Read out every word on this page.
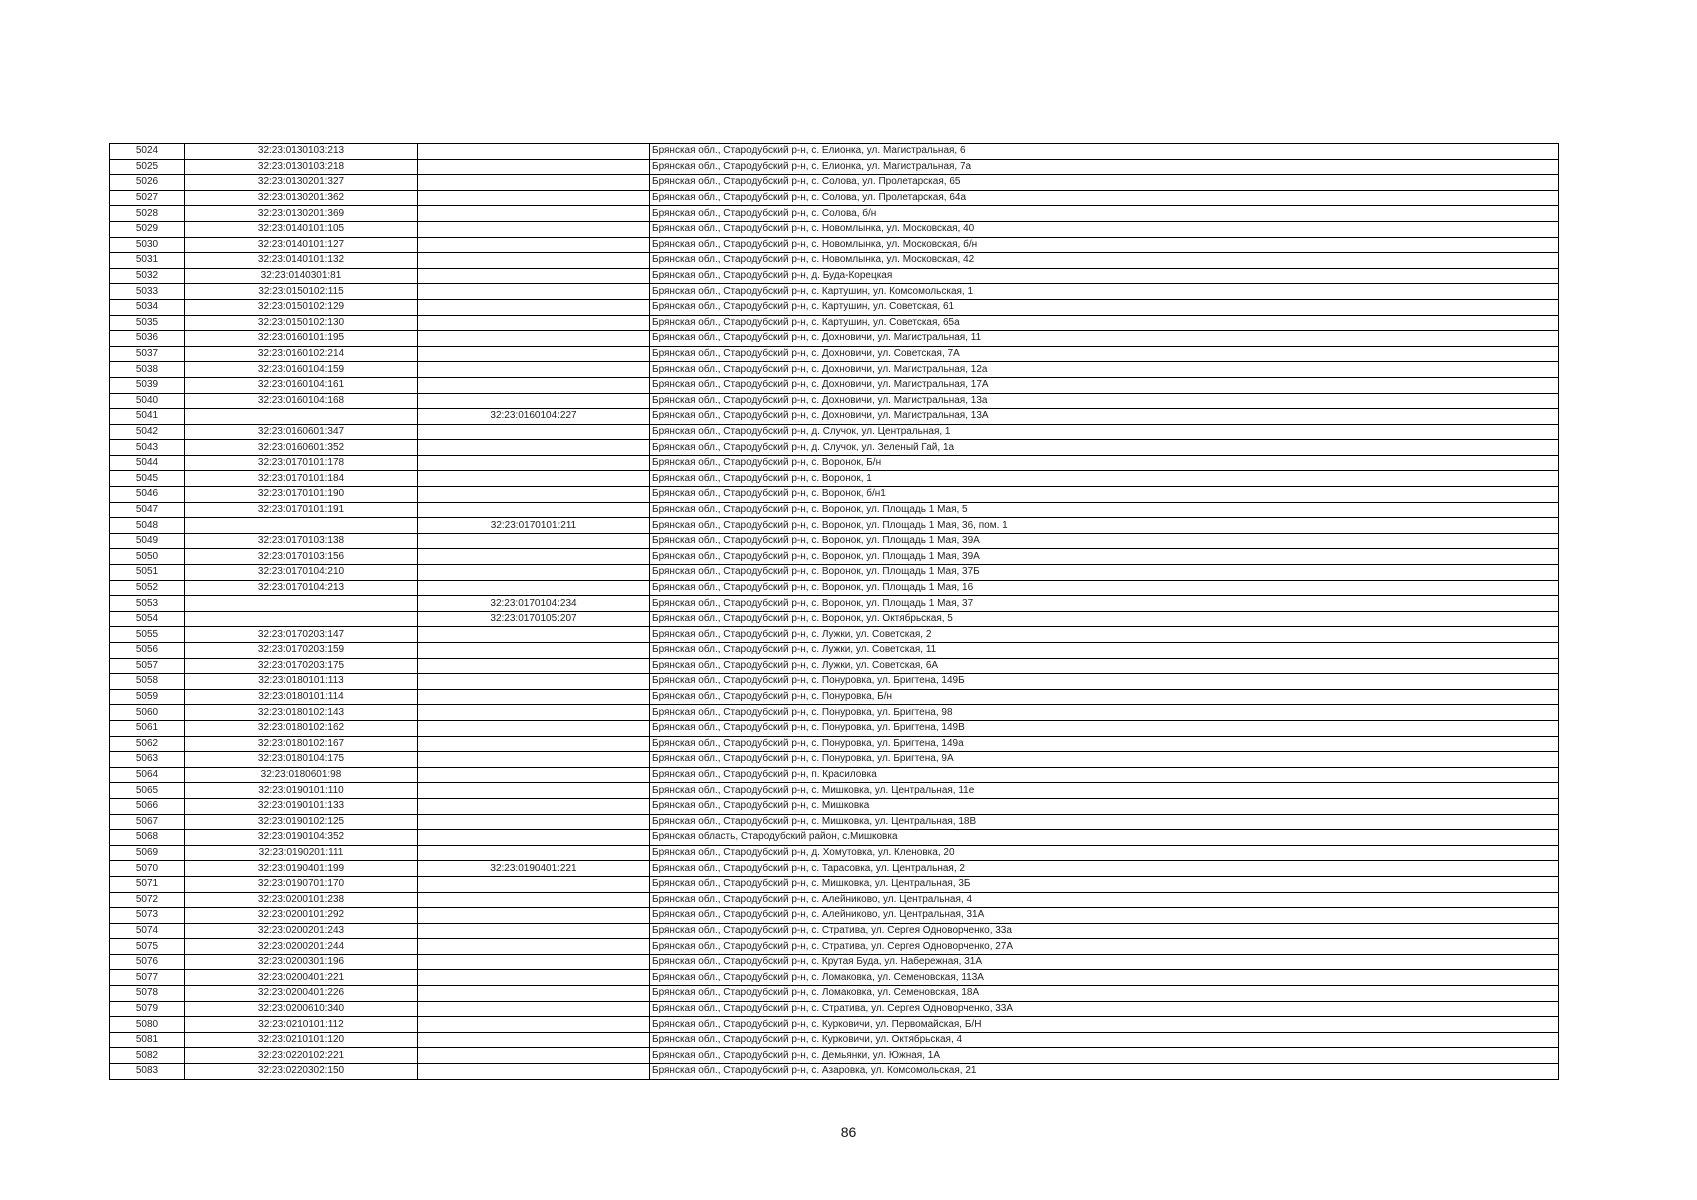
5024	32:23:0130103:213		Брянская обл., Стародубский р-н, с. Елионка, ул. Магистральная, 6
5025	32:23:0130103:218		Брянская обл., Стародубский р-н, с. Елионка, ул. Магистральная, 7а
5026	32:23:0130201:327		Брянская обл., Стародубский р-н, с. Солова, ул. Пролетарская, 65
5027	32:23:0130201:362		Брянская обл., Стародубский р-н, с. Солова, ул. Пролетарская, 64а
5028	32:23:0130201:369		Брянская обл., Стародубский р-н, с. Солова, б/н
5029	32:23:0140101:105		Брянская обл., Стародубский р-н, с. Новомлынка, ул. Московская, 40
5030	32:23:0140101:127		Брянская обл., Стародубский р-н, с. Новомлынка, ул. Московская, б/н
5031	32:23:0140101:132		Брянская обл., Стародубский р-н, с. Новомлынка, ул. Московская, 42
5032	32:23:0140301:81		Брянская обл., Стародубский р-н, д. Буда-Корецкая
5033	32:23:0150102:115		Брянская обл., Стародубский р-н, с. Картушин, ул. Комсомольская, 1
5034	32:23:0150102:129		Брянская обл., Стародубский р-н, с. Картушин, ул. Советская, 61
5035	32:23:0150102:130		Брянская обл., Стародубский р-н, с. Картушин, ул. Советская, 65а
5036	32:23:0160101:195		Брянская обл., Стародубский р-н, с. Дохновичи, ул. Магистральная, 11
5037	32:23:0160102:214		Брянская обл., Стародубский р-н, с. Дохновичи, ул. Советская, 7А
5038	32:23:0160104:159		Брянская обл., Стародубский р-н, с. Дохновичи, ул. Магистральная, 12а
5039	32:23:0160104:161		Брянская обл., Стародубский р-н, с. Дохновичи, ул. Магистральная, 17А
5040	32:23:0160104:168		Брянская обл., Стародубский р-н, с. Дохновичи, ул. Магистральная, 13а
5041		32:23:0160104:227	Брянская обл., Стародубский р-н, с. Дохновичи, ул. Магистральная, 13А
5042	32:23:0160601:347		Брянская обл., Стародубский р-н, д. Случок, ул. Центральная, 1
5043	32:23:0160601:352		Брянская обл., Стародубский р-н, д. Случок, ул. Зеленый Гай, 1а
5044	32:23:0170101:178		Брянская обл., Стародубский р-н, с. Воронок, Б/н
5045	32:23:0170101:184		Брянская обл., Стародубский р-н, с. Воронок, 1
5046	32:23:0170101:190		Брянская обл., Стародубский р-н, с. Воронок, б/н1
5047	32:23:0170101:191		Брянская обл., Стародубский р-н, с. Воронок, ул. Площадь 1 Мая, 5
5048		32:23:0170101:211	Брянская обл., Стародубский р-н, с. Воронок, ул. Площадь 1 Мая, 36, пом. 1
5049	32:23:0170103:138		Брянская обл., Стародубский р-н, с. Воронок, ул. Площадь 1 Мая, 39А
5050	32:23:0170103:156		Брянская обл., Стародубский р-н, с. Воронок, ул. Площадь 1 Мая, 39А
5051	32:23:0170104:210		Брянская обл., Стародубский р-н, с. Воронок, ул. Площадь 1 Мая, 37Б
5052	32:23:0170104:213		Брянская обл., Стародубский р-н, с. Воронок, ул. Площадь 1 Мая, 16
5053		32:23:0170104:234	Брянская обл., Стародубский р-н, с. Воронок, ул. Площадь 1 Мая, 37
5054		32:23:0170105:207	Брянская обл., Стародубский р-н, с. Воронок, ул. Октябрьская, 5
5055	32:23:0170203:147		Брянская обл., Стародубский р-н, с. Лужки, ул. Советская, 2
5056	32:23:0170203:159		Брянская обл., Стародубский р-н, с. Лужки, ул. Советская, 11
5057	32:23:0170203:175		Брянская обл., Стародубский р-н, с. Лужки, ул. Советская, 6А
5058	32:23:0180101:113		Брянская обл., Стародубский р-н, с. Понуровка, ул. Бригтена, 149Б
5059	32:23:0180101:114		Брянская обл., Стародубский р-н, с. Понуровка, Б/н
5060	32:23:0180102:143		Брянская обл., Стародубский р-н, с. Понуровка, ул. Бригтена, 98
5061	32:23:0180102:162		Брянская обл., Стародубский р-н, с. Понуровка, ул. Бригтена, 149В
5062	32:23:0180102:167		Брянская обл., Стародубский р-н, с. Понуровка, ул. Бригтена, 149а
5063	32:23:0180104:175		Брянская обл., Стародубский р-н, с. Понуровка, ул. Бригтена, 9А
5064	32:23:0180601:98		Брянская обл., Стародубский р-н, п. Красиловка
5065	32:23:0190101:110		Брянская обл., Стародубский р-н, с. Мишковка, ул. Центральная, 11е
5066	32:23:0190101:133		Брянская обл., Стародубский р-н, с. Мишковка
5067	32:23:0190102:125		Брянская обл., Стародубский р-н, с. Мишковка, ул. Центральная, 18В
5068	32:23:0190104:352		Брянская область, Стародубский район, с.Мишковка
5069	32:23:0190201:111		Брянская обл., Стародубский р-н, д. Хомутовка, ул. Кленовка, 20
5070	32:23:0190401:199	32:23:0190401:221	Брянская обл., Стародубский р-н, с. Тарасовка, ул. Центральная, 2
5071	32:23:0190701:170		Брянская обл., Стародубский р-н, с. Мишковка, ул. Центральная, 3Б
5072	32:23:0200101:238		Брянская обл., Стародубский р-н, с. Алейниково, ул. Центральная, 4
5073	32:23:0200101:292		Брянская обл., Стародубский р-н, с. Алейниково, ул. Центральная, 31А
5074	32:23:0200201:243		Брянская обл., Стародубский р-н, с. Стратива, ул. Сергея Одноворченко, 33а
5075	32:23:0200201:244		Брянская обл., Стародубский р-н, с. Стратива, ул. Сергея Одноворченко, 27А
5076	32:23:0200301:196		Брянская обл., Стародубский р-н, с. Крутая Буда, ул. Набережная, 31А
5077	32:23:0200401:221		Брянская обл., Стародубский р-н, с. Ломаковка, ул. Семеновская, 113А
5078	32:23:0200401:226		Брянская обл., Стародубский р-н, с. Ломаковка, ул. Семеновская, 18А
5079	32:23:0200610:340		Брянская обл., Стародубский р-н, с. Стратива, ул. Сергея Одноворченко, 33А
5080	32:23:0210101:112		Брянская обл., Стародубский р-н, с. Курковичи, ул. Первомайская, Б/Н
5081	32:23:0210101:120		Брянская обл., Стародубский р-н, с. Курковичи, ул. Октябрьская, 4
5082	32:23:0220102:221		Брянская обл., Стародубский р-н, с. Демьянки, ул. Южная, 1А
5083	32:23:0220302:150		Брянская обл., Стародубский р-н, с. Азаровка, ул. Комсомольская, 21
86
